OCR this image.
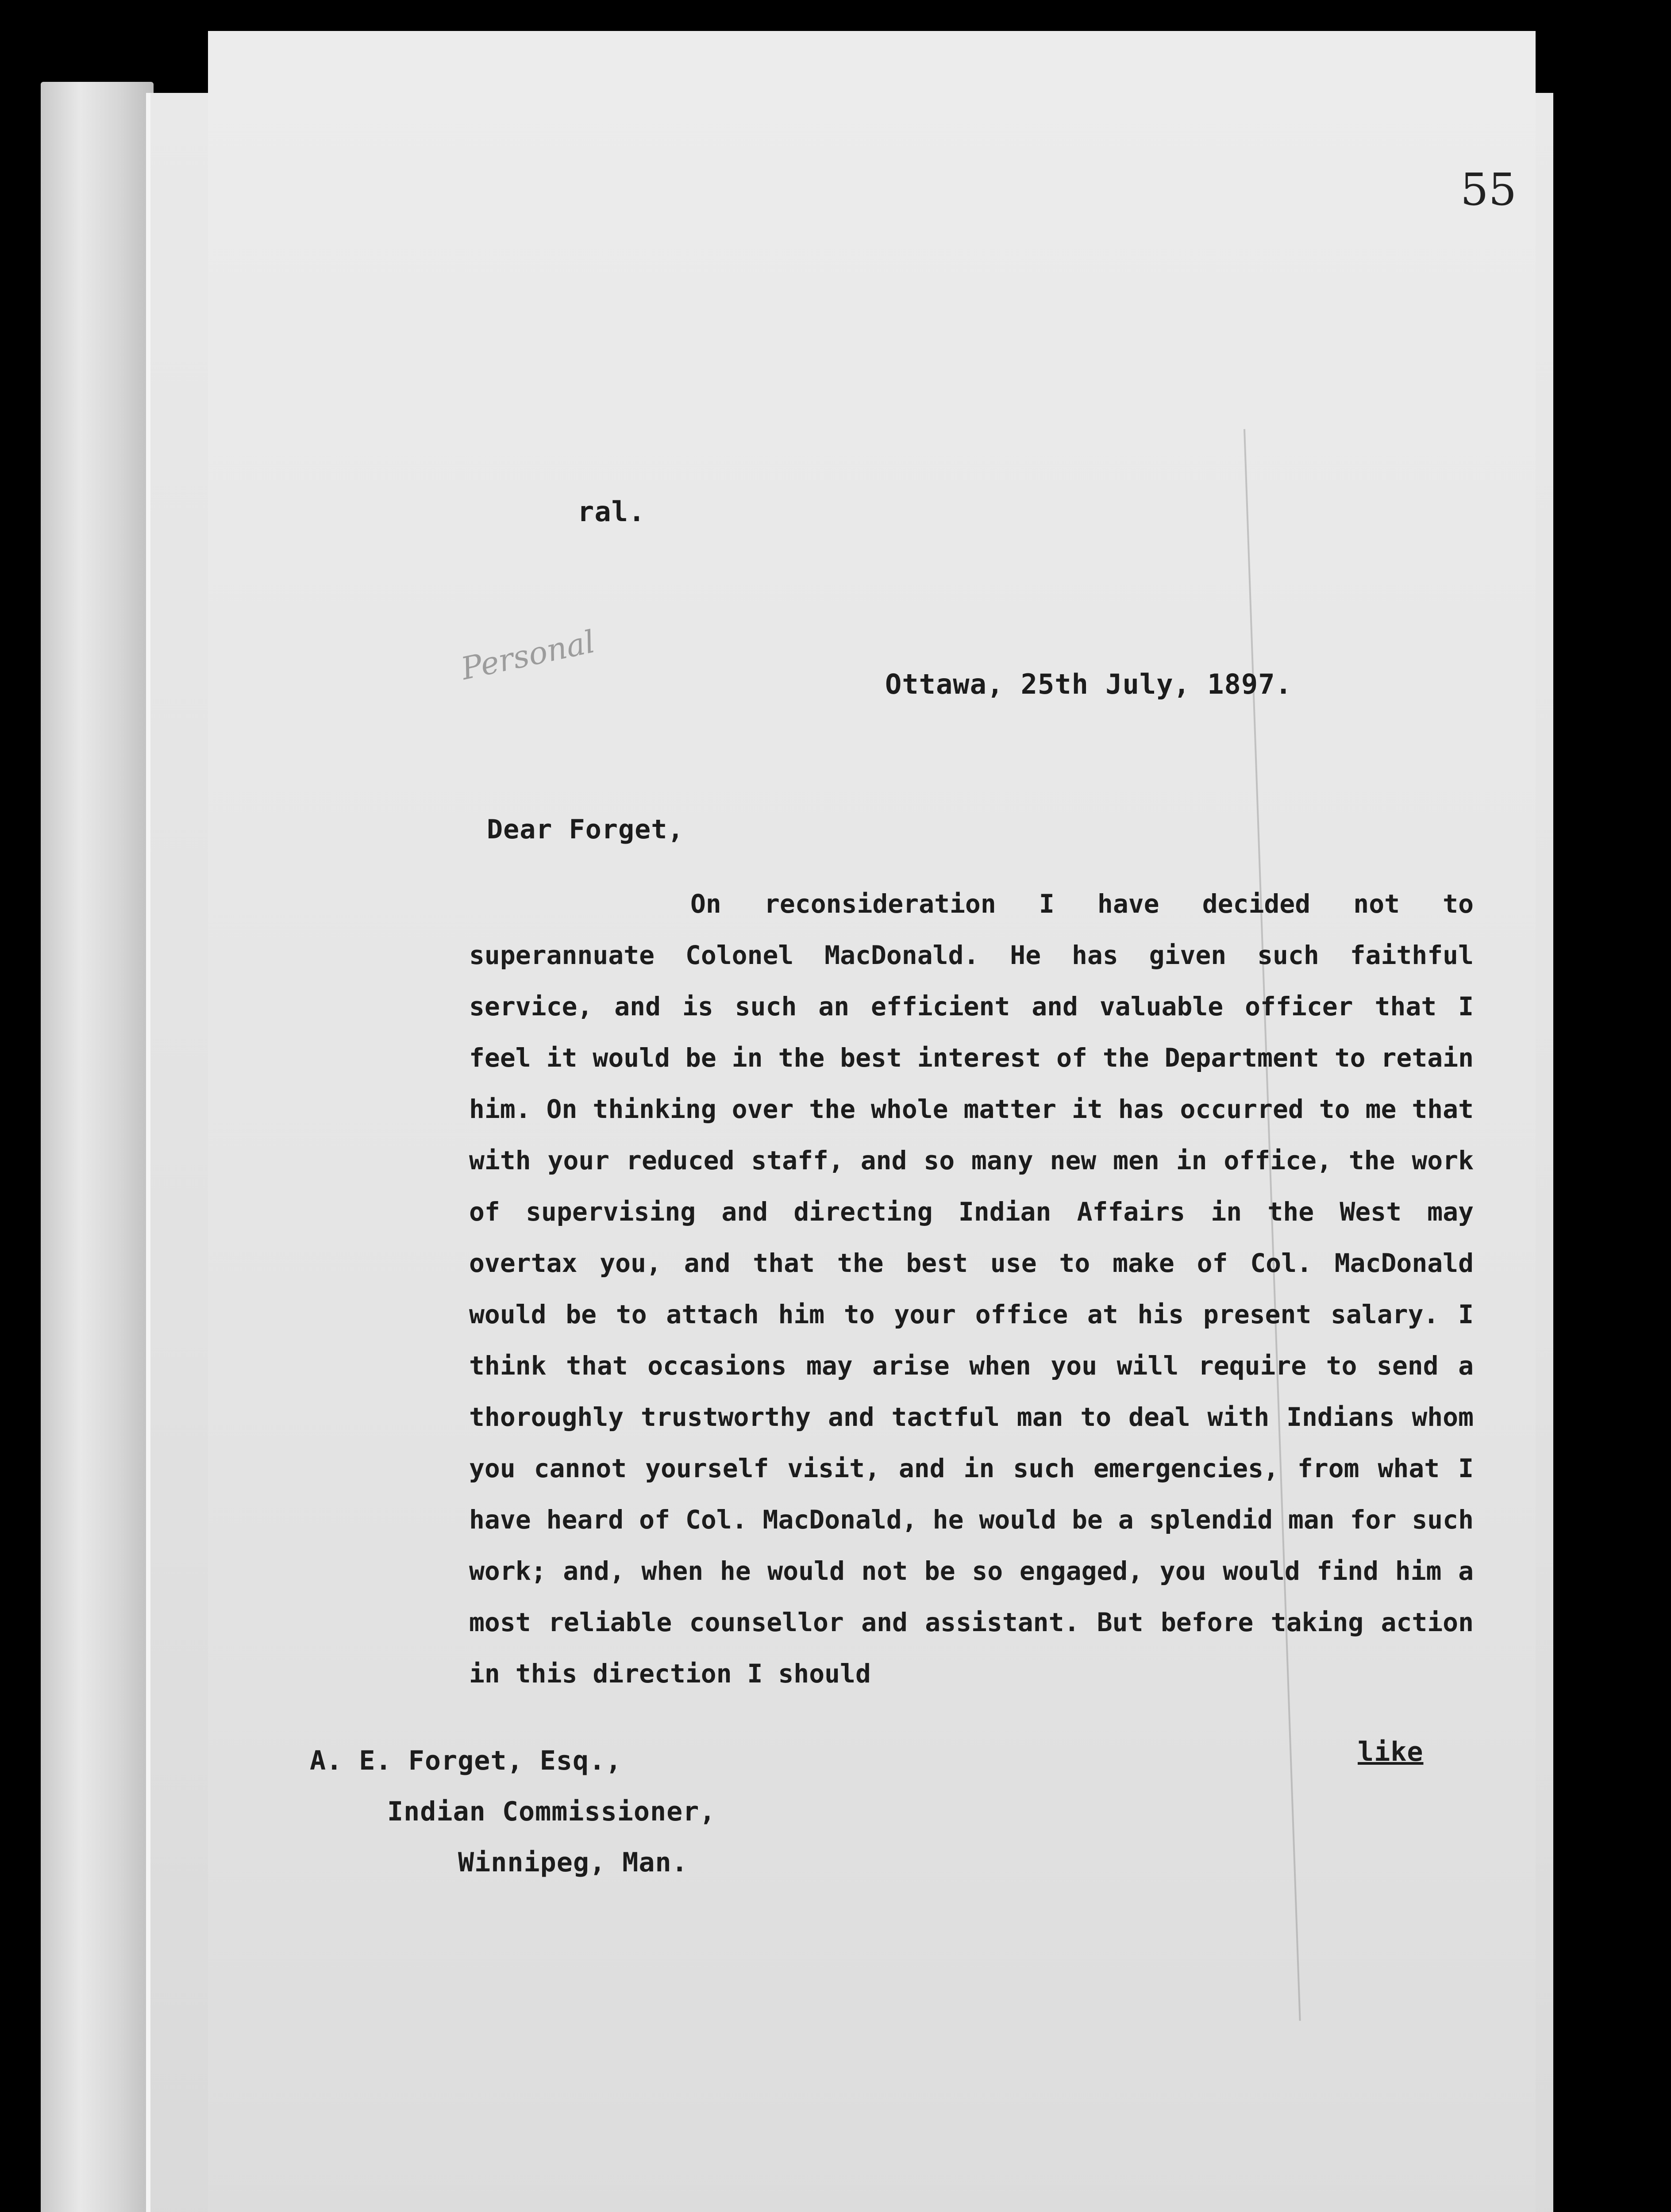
55
ral.
Personal	Ottawa, 25th July, 1897.
Dear Forget,
On reconsideration I have decided not to superannuate Colonel MacDonald. He has given such faithful service, and is such an efficient and valuable officer that I feel it would be in the best interest of the Department to retain him. On thinking over the whole matter it has occurred to me that with your reduced staff, and so many new men in office, the work of supervising and directing Indian Affairs in the West may overtax you, and that the best use to make of Col. MacDonald would be to attach him to your office at his present salary. I think that occasions may arise when you will require to send a thoroughly trustworthy and tactful man to deal with Indians whom you cannot yourself visit, and in such emergencies, from what I have heard of Col. MacDonald, he would be a splendid man for such work; and, when he would not be so engaged, you would find him a most reliable counsellor and assistant. But before taking action in this direction I should
like
A. E. Forget, Esq.,
Indian Commissioner,
Winnipeg, Man.
